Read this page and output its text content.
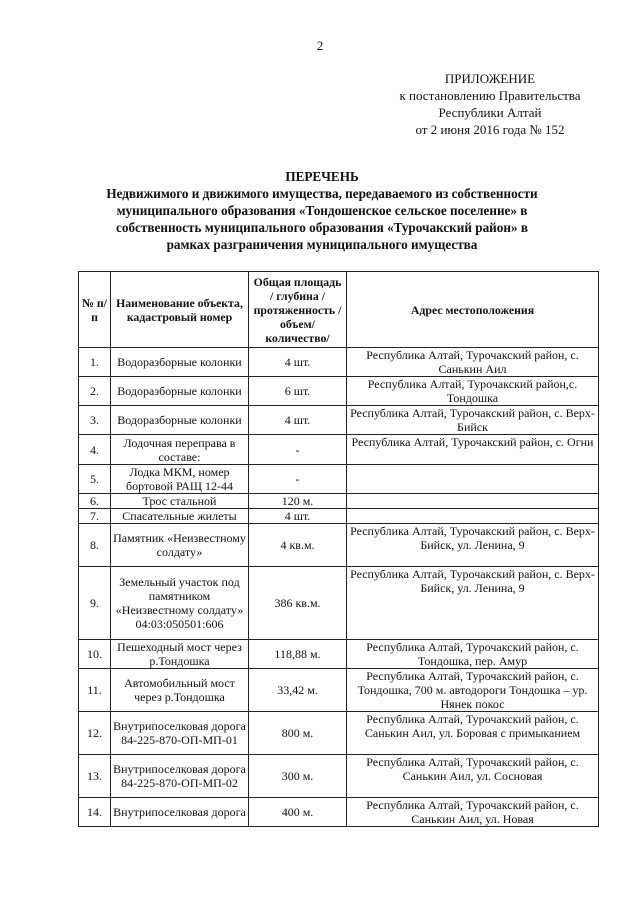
2
ПРИЛОЖЕНИЕ
к постановлению Правительства
Республики Алтай
от 2 июня 2016 года № 152
ПЕРЕЧЕНЬ
Недвижимого и движимого имущества, передаваемого из собственности
муниципального образования «Тондошенское сельское поселение» в
собственность муниципального образования «Турочакский район» в
рамках разграничения муниципального имущества
№ п/п	Наименование объекта, кадастровый номер	Общая площадь / глубина / протяженность / объем/ количество/	Адрес местоположения
1.	Водоразборные колонки	4 шт.	Республика Алтай, Турочакский район, с. Санькин Аил
2.	Водоразборные колонки	6 шт.	Республика Алтай, Турочакский район,с. Тондошка
3.	Водоразборные колонки	4 шт.	Республика Алтай, Турочакский район, с. Верх-Бийск
4.	Лодочная переправа в составе:	-	Республика Алтай, Турочакский район, с. Огни
5.	Лодка МКМ, номер бортовой РАЩ 12-44	-	
6.	Трос стальной	120 м.	
7.	Спасательные жилеты	4 шт.	
8.	Памятник «Неизвестному солдату»	4 кв.м.	Республика Алтай, Турочакский район, с. Верх-Бийск, ул. Ленина, 9
9.	Земельный участок под памятником «Неизвестному солдату» 04:03:050501:606	386 кв.м.	Республика Алтай, Турочакский район, с. Верх-Бийск, ул. Ленина, 9
10.	Пешеходный мост через р.Тондошка	118,88 м.	Республика Алтай, Турочакский район, с. Тондошка, пер. Амур
11.	Автомобильный мост через р.Тондошка	33,42 м.	Республика Алтай, Турочакский район, с. Тондошка, 700 м. автодороги Тондошка – ур. Нянек покос
12.	Внутрипоселковая дорога 84-225-870-ОП-МП-01	800 м.	Республика Алтай, Турочакский район, с. Санькин Аил, ул. Боровая с примыканием
13.	Внутрипоселковая дорога 84-225-870-ОП-МП-02	300 м.	Республика Алтай, Турочакский район, с. Санькин Аил, ул. Сосновая
14.	Внутрипоселковая дорога	400 м.	Республика Алтай, Турочакский район, с. Санькин Аил, ул. Новая
